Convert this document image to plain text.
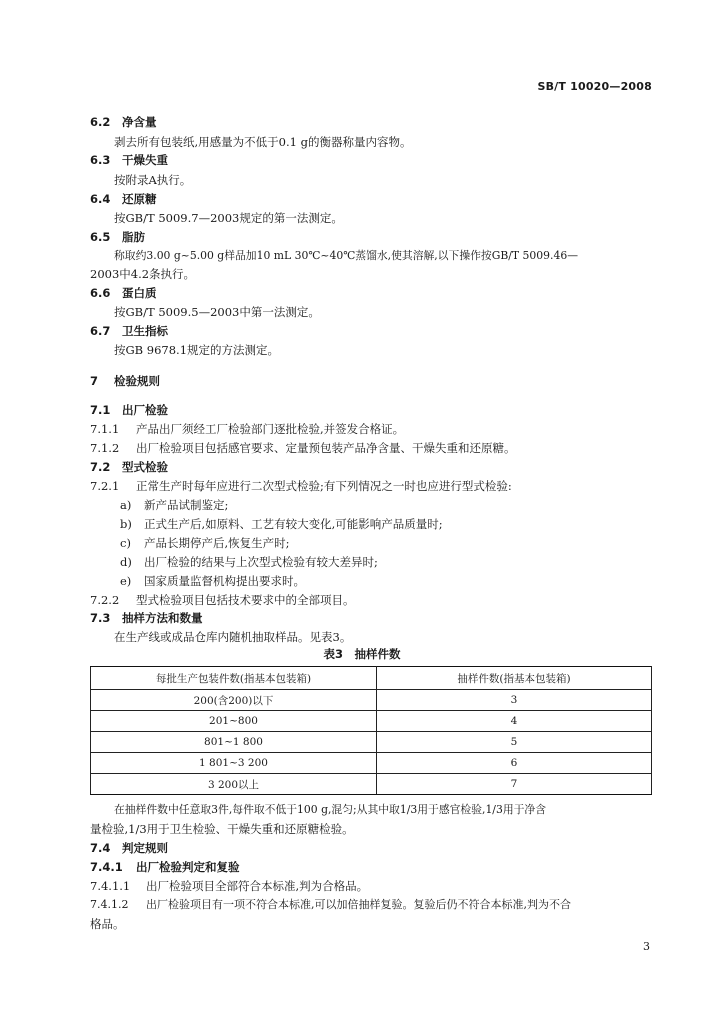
SB/T 10020—2008
6.2 净含量
剥去所有包装纸,用感量为不低于0.1 g的衡器称量内容物。
6.3 干燥失重
按附录A执行。
6.4 还原糖
按GB/T 5009.7—2003规定的第一法测定。
6.5 脂肪
称取约3.00 g~5.00 g样品加10 mL 30℃~40℃蒸馏水,使其溶解,以下操作按GB/T 5009.46—
2003中4.2条执行。
6.6 蛋白质
按GB/T 5009.5—2003中第一法测定。
6.7 卫生指标
按GB 9678.1规定的方法测定。
7 检验规则
7.1 出厂检验
7.1.1 产品出厂须经工厂检验部门逐批检验,并签发合格证。
7.1.2 出厂检验项目包括感官要求、定量预包装产品净含量、干燥失重和还原糖。
7.2 型式检验
7.2.1 正常生产时每年应进行二次型式检验;有下列情况之一时也应进行型式检验:
a) 新产品试制鉴定;
b) 正式生产后,如原料、工艺有较大变化,可能影响产品质量时;
c) 产品长期停产后,恢复生产时;
d) 出厂检验的结果与上次型式检验有较大差异时;
e) 国家质量监督机构提出要求时。
7.2.2 型式检验项目包括技术要求中的全部项目。
7.3 抽样方法和数量
在生产线或成品仓库内随机抽取样品。见表3。
表3　抽样件数
每批生产包装件数(指基本包装箱)	抽样件数(指基本包装箱)
200(含200)以下	3
201~800	4
801~1 800	5
1 801~3 200	6
3 200以上	7
在抽样件数中任意取3件,每件取不低于100 g,混匀;从其中取1/3用于感官检验,1/3用于净含
量检验,1/3用于卫生检验、干燥失重和还原糖检验。
7.4 判定规则
7.4.1 出厂检验判定和复验
7.4.1.1 出厂检验项目全部符合本标准,判为合格品。
7.4.1.2 出厂检验项目有一项不符合本标准,可以加倍抽样复验。复验后仍不符合本标准,判为不合
格品。
3
